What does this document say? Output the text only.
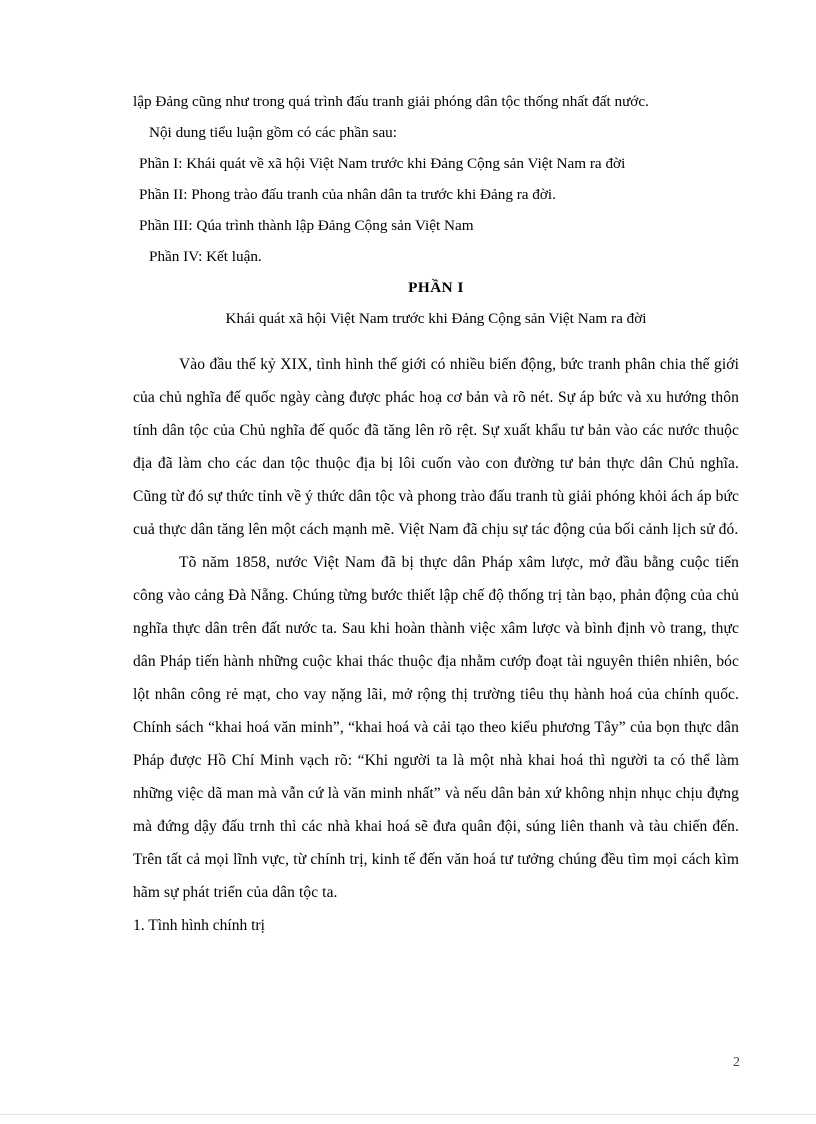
lập Đảng cũng như trong quá trình đấu tranh giải phóng dân tộc thống nhất đất nước.
Nội dung tiểu luận gồm có các phần sau:
Phần I: Khái quát về xã hội Việt Nam trước khi Đảng Cộng sản Việt Nam ra đời
Phần II: Phong trào đấu tranh của nhân dân ta trước khi Đảng ra đời.
Phần III: Qúa trình thành lập Đảng Cộng sản Việt Nam
Phần IV: Kết luận.
PHẦN I
Khái quát xã hội Việt Nam trước khi Đảng Cộng sản Việt Nam ra đời
Vào đầu thế kỷ XIX, tình hình thế giới có nhiều biến động, bức tranh phân chia thế giới của chủ nghĩa đế quốc ngày càng được phác hoạ cơ bản và rõ nét. Sự áp bức và xu hướng thôn tính dân tộc của Chủ nghĩa đế quốc đã tăng lên rõ rệt. Sự xuất khẩu tư bản vào các nước thuộc địa đã làm cho các dan tộc thuộc địa bị lôi cuốn vào con đường tư bản thực dân Chủ nghĩa. Cũng từ đó sự thức tỉnh về ý thức dân tộc và phong trào đấu tranh tù giải phóng khỏi ách áp bức cuả thực dân tăng lên một cách mạnh mẽ. Việt Nam đã chịu sự tác động của bối cảnh lịch sử đó.
Tõ năm 1858, nước Việt Nam đã bị thực dân Pháp xâm lược, mở đầu bằng cuộc tiến công vào cảng Đà Nẵng. Chúng từng bước thiết lập chế độ thống trị tàn bạo, phản động của chủ nghĩa thực dân trên đất nước ta. Sau khi hoàn thành việc xâm lược và bình định vò trang, thực dân Pháp tiến hành những cuộc khai thác thuộc địa nhằm cướp đoạt tài nguyên thiên nhiên, bóc lột nhân công rẻ mạt, cho vay nặng lãi, mở rộng thị trường tiêu thụ hành hoá của chính quốc. Chính sách “khai hoá văn minh”, “khai hoá và cải tạo theo kiểu phương Tây” của bọn thực dân Pháp được Hồ Chí Minh vạch rõ: “Khi người ta là một nhà khai hoá thì người ta có thể làm những việc dã man mà vẫn cứ là văn minh nhất” và nếu dân bản xứ không nhịn nhục chịu đựng mà đứng dậy đấu trnh thì các nhà khai hoá sẽ đưa quân đội, súng liên thanh và tàu chiến đến. Trên tất cả mọi lĩnh vực, từ chính trị, kinh tế đến văn hoá tư tưởng chúng đều tìm mọi cách kìm hãm sự phát triển của dân tộc ta.
1. Tình hình chính trị
2
